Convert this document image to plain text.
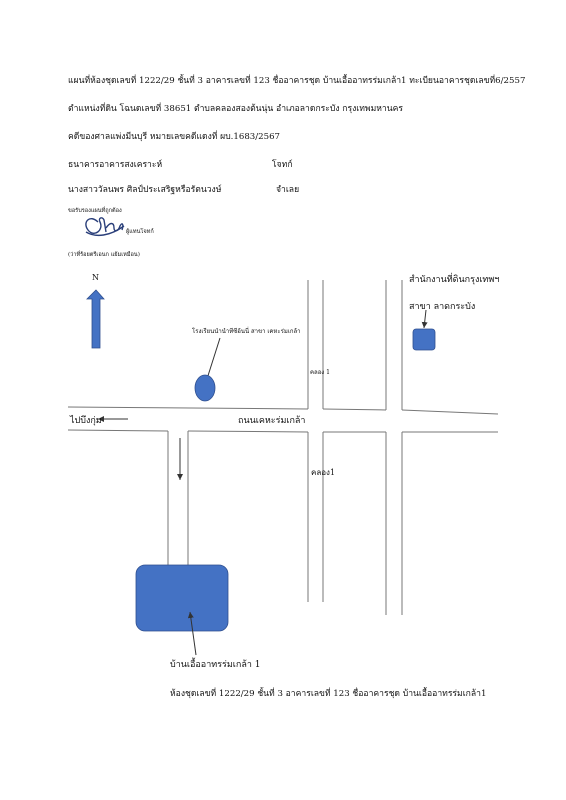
แผนที่ห้องชุดเลขที่ 1222/29 ชั้นที่ 3 อาคารเลขที่ 123 ชื่ออาคารชุด บ้านเอื้ออาทรร่มเกล้า1 ทะเบียนอาคารชุดเลขที่6/2557
ตำแหน่งที่ดิน โฉนดเลขที่ 38651 ตำบลคลองสองต้นนุ่น อำเภอลาดกระบัง กรุงเทพมหานคร
คดีของศาลแพ่งมีนบุรี หมายเลขคดีแดงที่ ผบ.1683/2567
ธนาคารอาคารสงเคราะห์	โจทก์
นางสาววัลนพร ศิลป์ประเสริฐหรือรัตนวงษ์	จำเลย
ขอรับรองแผนที่ถูกต้อง
ผู้แทนโจทก์
(ว่าที่ร้อยตรีเอนก แย้มเหมือน)
N	สำนักงานที่ดินกรุงเทพฯ
สาขา ลาดกระบัง
โรงเรียนนำนำทีซีอ้นนี่ สาขา เคหะร่มเกล้า
คลอง 1
คลอง1
ถนนเคหะร่มเกล้า
ไปบึงกุ่ม
บ้านเอื้ออาทรร่มเกล้า 1
ห้องชุดเลขที่ 1222/29 ชั้นที่ 3 อาคารเลขที่ 123 ชื่ออาคารชุด บ้านเอื้ออาทรร่มเกล้า1
